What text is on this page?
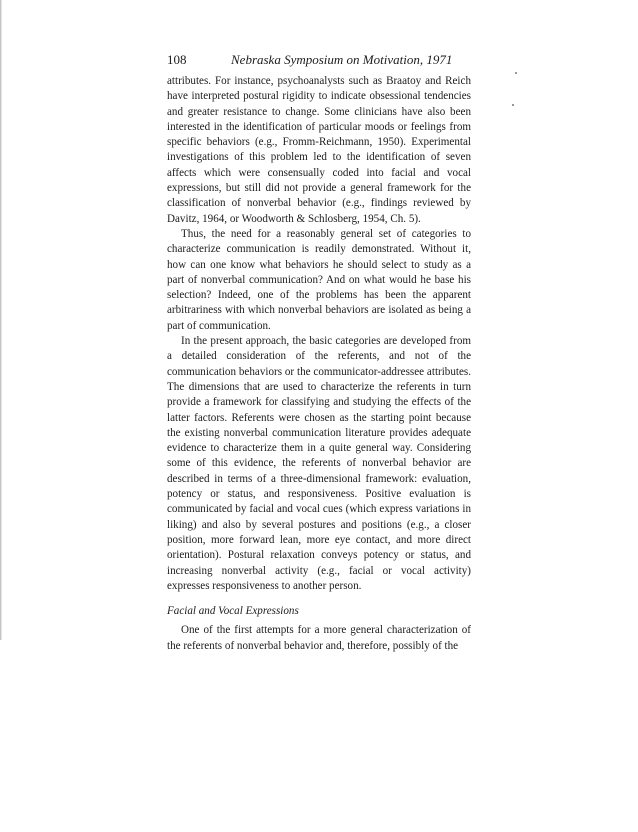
108	Nebraska Symposium on Motivation, 1971

attributes. For instance, psychoanalysts such as Braatoy and Reich have interpreted postural rigidity to indicate obsessional tendencies and greater resistance to change. Some clinicians have also been interested in the identification of particular moods or feelings from specific behaviors (e.g., Fromm-Reichmann, 1950). Experimental investigations of this problem led to the identification of seven affects which were consensually coded into facial and vocal expressions, but still did not provide a general framework for the classification of nonverbal behavior (e.g., findings reviewed by Davitz, 1964, or Woodworth & Schlosberg, 1954, Ch. 5).

Thus, the need for a reasonably general set of categories to characterize communication is readily demonstrated. Without it, how can one know what behaviors he should select to study as a part of nonverbal communication? And on what would he base his selection? Indeed, one of the problems has been the apparent arbitrariness with which nonverbal behaviors are isolated as being a part of communication.

In the present approach, the basic categories are developed from a detailed consideration of the referents, and not of the communication behaviors or the communicator-addressee attributes. The dimensions that are used to characterize the referents in turn provide a framework for classifying and studying the effects of the latter factors. Referents were chosen as the starting point because the existing nonverbal communication literature provides adequate evidence to characterize them in a quite general way. Considering some of this evidence, the referents of nonverbal behavior are described in terms of a three-dimensional framework: evaluation, potency or status, and responsiveness. Positive evaluation is communicated by facial and vocal cues (which express variations in liking) and also by several postures and positions (e.g., a closer position, more forward lean, more eye contact, and more direct orientation). Postural relaxation conveys potency or status, and increasing nonverbal activity (e.g., facial or vocal activity) expresses responsiveness to another person.

Facial and Vocal Expressions

One of the first attempts for a more general characterization of the referents of nonverbal behavior and, therefore, possibly of the
